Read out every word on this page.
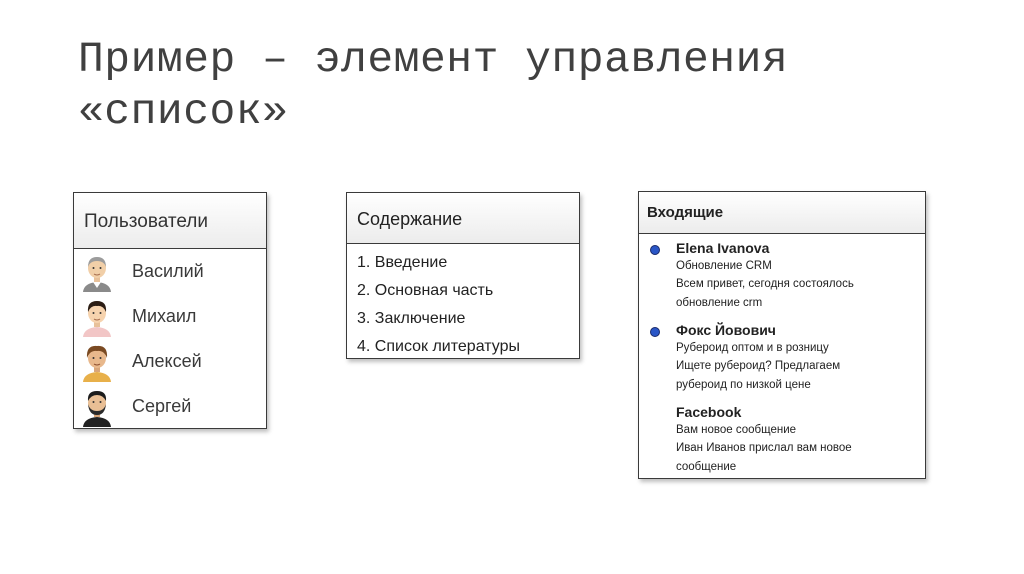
Пример – элемент управления
«список»
Пользователи
Василий
Михаил
Алексей
Сергей
Содержание
1. Введение
2. Основная часть
3. Заключение
4. Список литературы
Входящие
Elena Ivanova
Обновление CRM
Всем привет, сегодня состоялось
обновление crm
Фокс Йовович
Рубероид оптом и в розницу
Ищете рубероид? Предлагаем
рубероид по низкой цене
Facebook
Вам новое сообщение
Иван Иванов прислал вам новое
сообщение
